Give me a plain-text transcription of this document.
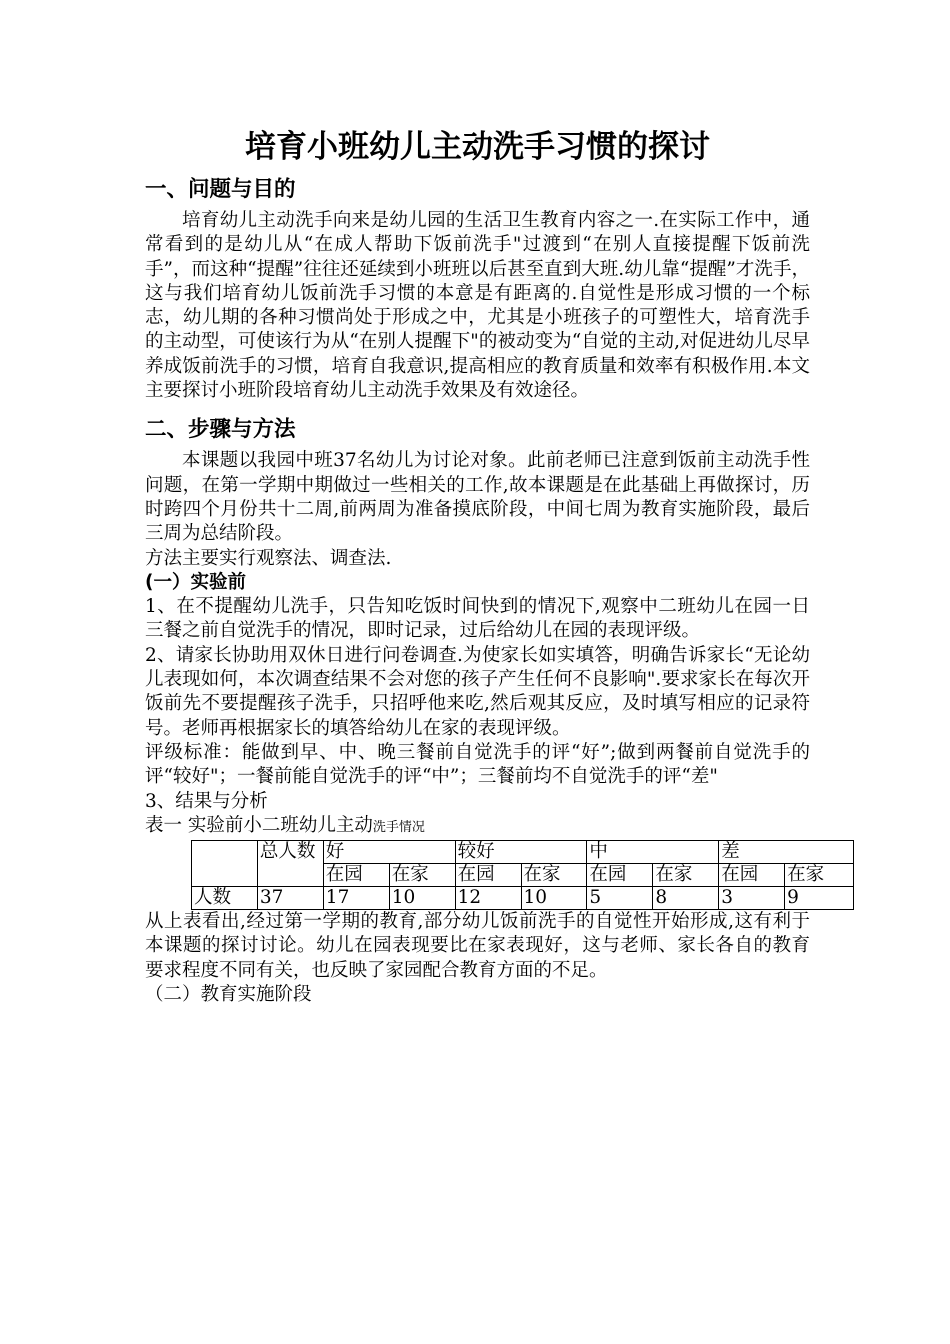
培育小班幼儿主动洗手习惯的探讨
一、问题与目的

培育幼儿主动洗手向来是幼儿园的生活卫生教育内容之一.在实际工作中，通常看到的是幼儿从“在成人帮助下饭前洗手"过渡到“在别人直接提醒下饭前洗手”，而这种“提醒”往往还延续到小班班以后甚至直到大班.幼儿靠“提醒”才洗手，这与我们培育幼儿饭前洗手习惯的本意是有距离的.自觉性是形成习惯的一个标志，幼儿期的各种习惯尚处于形成之中，尤其是小班孩子的可塑性大，培育洗手的主动型，可使该行为从“在别人提醒下"的被动变为“自觉的主动,对促进幼儿尽早养成饭前洗手的习惯，培育自我意识,提高相应的教育质量和效率有积极作用.本文主要探讨小班阶段培育幼儿主动洗手效果及有效途径。

二、步骤与方法

本课题以我园中班37名幼儿为讨论对象。此前老师已注意到饭前主动洗手性问题，在第一学期中期做过一些相关的工作,故本课题是在此基础上再做探讨，历时跨四个月份共十二周,前两周为准备摸底阶段，中间七周为教育实施阶段，最后三周为总结阶段。

方法主要实行观察法、调查法.

(一）实验前

1、在不提醒幼儿洗手，只告知吃饭时间快到的情况下,观察中二班幼儿在园一日三餐之前自觉洗手的情况，即时记录，过后给幼儿在园的表现评级。

2、请家长协助用双休日进行问卷调查.为使家长如实填答，明确告诉家长“无论幼儿表现如何，本次调查结果不会对您的孩子产生任何不良影响".要求家长在每次开饭前先不要提醒孩子洗手，只招呼他来吃,然后观其反应，及时填写相应的记录符号。老师再根据家长的填答给幼儿在家的表现评级。

评级标准：能做到早、中、晚三餐前自觉洗手的评“好”;做到两餐前自觉洗手的评“较好"；一餐前能自觉洗手的评“中”；三餐前均不自觉洗手的评“差"

3、结果与分析

表一 实验前小二班幼儿主动洗手情况
	总人数	好		较好		中		差	
		在园	在家	在园	在家	在园	在家	在园	在家
人数	37	17	10	12	10	5	8	3	9

从上表看出,经过第一学期的教育,部分幼儿饭前洗手的自觉性开始形成,这有利于本课题的探讨讨论。幼儿在园表现要比在家表现好，这与老师、家长各自的教育要求程度不同有关，也反映了家园配合教育方面的不足。

（二）教育实施阶段
